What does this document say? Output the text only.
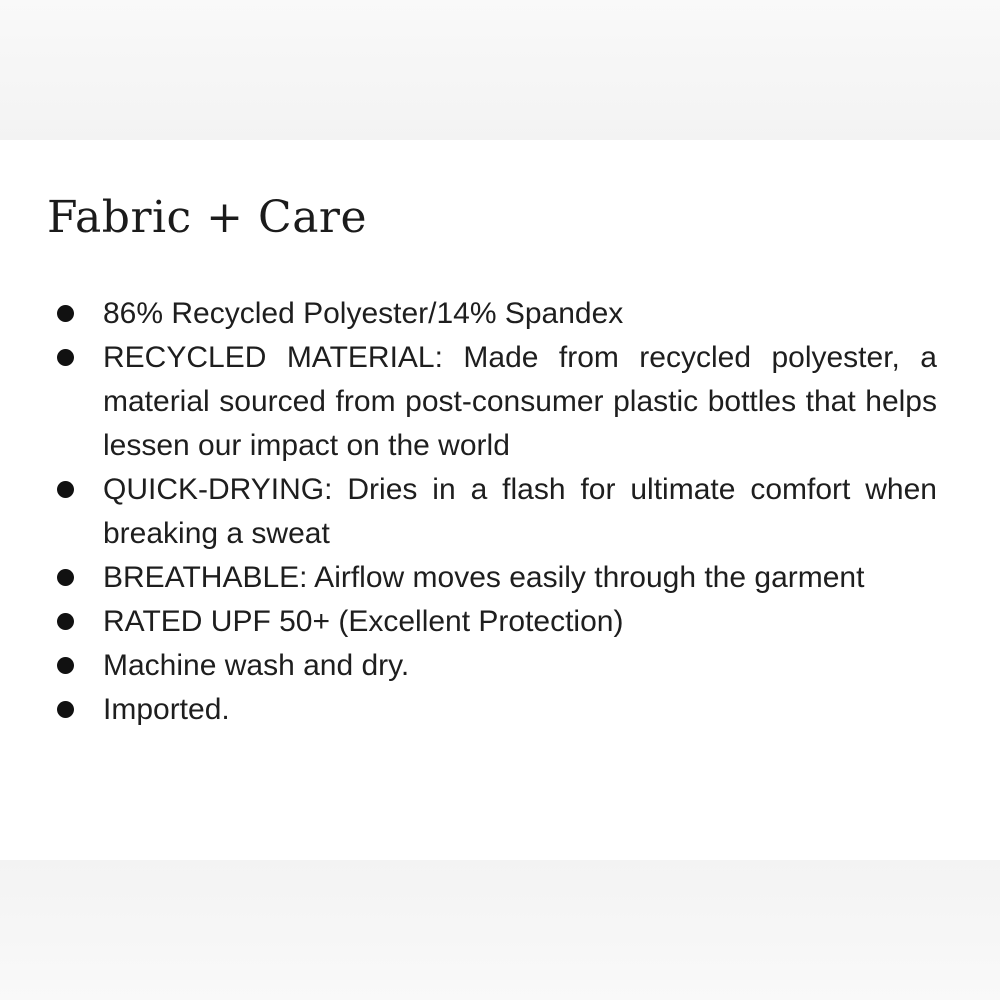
Fabric + Care
86% Recycled Polyester/14% Spandex
RECYCLED MATERIAL: Made from recycled polyester, a material sourced from post-consumer plastic bottles that helps lessen our impact on the world
QUICK-DRYING: Dries in a flash for ultimate comfort when breaking a sweat
BREATHABLE: Airflow moves easily through the garment
RATED UPF 50+ (Excellent Protection)
Machine wash and dry.
Imported.
